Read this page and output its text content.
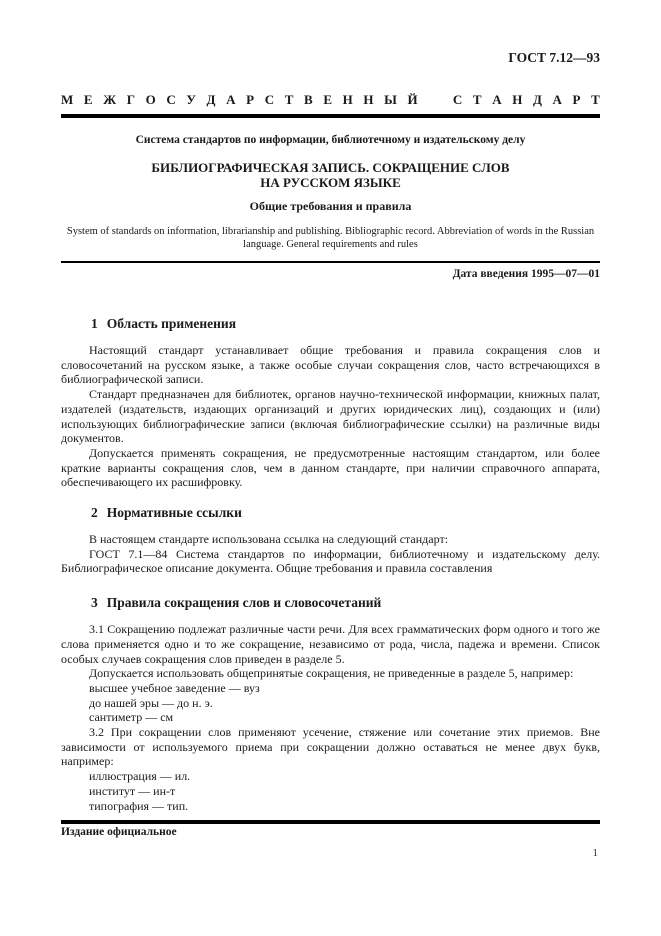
ГОСТ 7.12—93
М Е Ж Г О С У Д А Р С Т В Е Н Н Ы Й
	С Т А Н Д А Р Т
Система стандартов по информации, библиотечному и издательскому делу
БИБЛИОГРАФИЧЕСКАЯ ЗАПИСЬ. СОКРАЩЕНИЕ СЛОВ
НА РУССКОМ ЯЗЫКЕ
Общие требования и правила
System of standards on information, librarianship and publishing. Bibliographic record. Abbreviation of words in the Russian language. General requirements and rules
Дата введения 1995—07—01
1 Область применения

Настоящий стандарт устанавливает общие требования и правила сокращения слов и словосочетаний на русском языке, а также особые случаи сокращения слов, часто встречающихся в библиографической записи.

Стандарт предназначен для библиотек, органов научно-технической информации, книжных палат, издателей (издательств, издающих организаций и других юридических лиц), создающих и (или) использующих библиографические записи (включая библиографические ссылки) на различные виды документов.

Допускается применять сокращения, не предусмотренные настоящим стандартом, или более краткие варианты сокращения слов, чем в данном стандарте, при наличии справочного аппарата, обеспечивающего их расшифровку.

2 Нормативные ссылки

В настоящем стандарте использована ссылка на следующий стандарт:

ГОСТ 7.1—84 Система стандартов по информации, библиотечному и издательскому делу. Библиографическое описание документа. Общие требования и правила составления

3 Правила сокращения слов и словосочетаний

3.1 Сокращению подлежат различные части речи. Для всех грамматических форм одного и того же слова применяется одно и то же сокращение, независимо от рода, числа, падежа и времени. Список особых случаев сокращения слов приведен в разделе 5.

Допускается использовать общепринятые сокращения, не приведенные в разделе 5, например:

высшее учебное заведение — вуз

до нашей эры — до н. э.

сантиметр — см

3.2 При сокращении слов применяют усечение, стяжение или сочетание этих приемов. Вне зависимости от используемого приема при сокращении должно оставаться не менее двух букв, например:

иллюстрация — ил.

институт — ин-т

типография — тип.

Издание официальное
1
